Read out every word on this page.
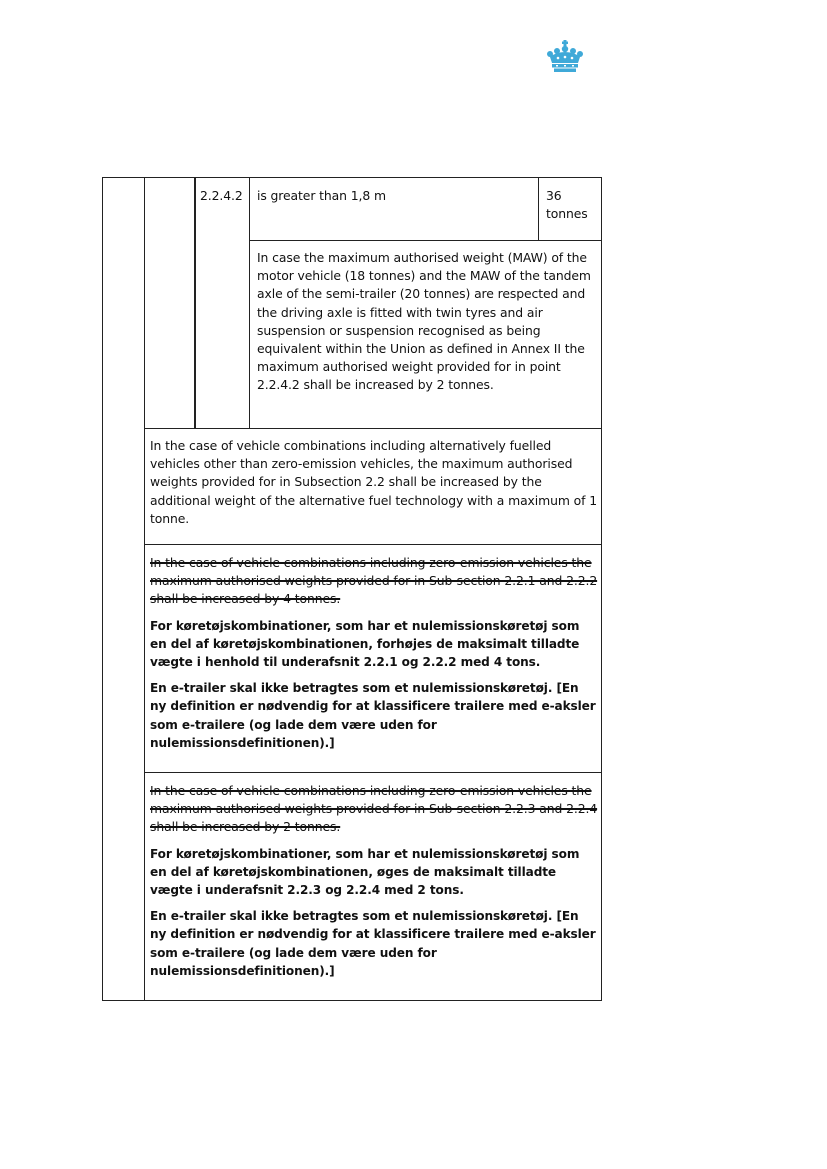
2.2.4.2 is greater than 1,8 m	36 tonnes
In case the maximum authorised weight (MAW) of the motor vehicle (18 tonnes) and the MAW of the tandem axle of the semi-trailer (20 tonnes) are respected and the driving axle is fitted with twin tyres and air suspension or suspension recognised as being equivalent within the Union as defined in Annex II the maximum authorised weight provided for in point 2.2.4.2 shall be increased by 2 tonnes.
In the case of vehicle combinations including alternatively fuelled vehicles other than zero-emission vehicles, the maximum authorised weights provided for in Subsection 2.2 shall be increased by the additional weight of the alternative fuel technology with a maximum of 1 tonne.

In the case of vehicle combinations including zero-emission vehicles the maximum authorised weights provided for in Sub-section 2.2.1 and 2.2.2 shall be increased by 4 tonnes.

For køretøjskombinationer, som har et nulemissionskøretøj som en del af køretøjskombinationen, forhøjes de maksimalt tilladte vægte i henhold til underafsnit 2.2.1 og 2.2.2 med 4 tons.

En e-trailer skal ikke betragtes som et nulemissionskøretøj. [En ny definition er nødvendig for at klassificere trailere med e-aksler som e-trailere (og lade dem være uden for nulemissionsdefinitionen).]

In the case of vehicle combinations including zero-emission vehicles the maximum authorised weights provided for in Sub-section 2.2.3 and 2.2.4 shall be increased by 2 tonnes.

For køretøjskombinationer, som har et nulemissionskøretøj som en del af køretøjskombinationen, øges de maksimalt tilladte vægte i underafsnit 2.2.3 og 2.2.4 med 2 tons.

En e-trailer skal ikke betragtes som et nulemissionskøretøj. [En ny definition er nødvendig for at klassificere trailere med e-aksler som e-trailere (og lade dem være uden for nulemissionsdefinitionen).]
